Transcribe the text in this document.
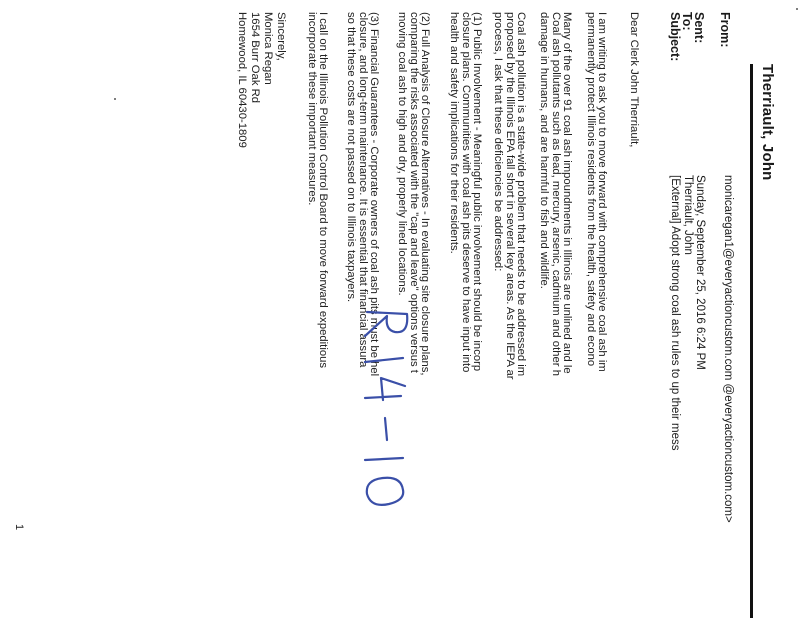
Therriault, John
From:
monicaregan1@everyactioncustom.com @everyactioncustom.com>
Sent:
Sunday, September 25, 2016 6:24 PM
To:
Therriault, John
Subject:
[External] Adopt strong coal ash rules to up their mess
Dear Clerk John Therriault,
I am writing to ask you to move forward with comprehensive coal ash im
permanently protect Illinois residents from the health, safety and econo
Many of the over 91 coal ash impoundments in Illinois are unlined and le
Coal ash pollutants such as lead, mercury, arsenic, cadmium and other h
damage in humans, and are harmful to fish and wildlife.
Coal ash pollution is a state-wide problem that needs to be addressed im
proposed by the Illinois EPA fall short in several key areas. As the IEPA ar
process, I ask that these deficiencies be addressed:
(1) Public Involvement - Meaningful public involvement should be incorp
closure plans. Communities with coal ash pits deserve to have input into
health and safety implications for their residents.
(2) Full Analysis of Closure Alternatives - In evaluating site closure plans,
comparing the risks associated with the "cap and leave" options versus t
moving coal ash to high and dry, properly lined locations.
(3) Financial Guarantees - Corporate owners of coal ash pits must be hel
closure, and long-term maintenance. It is essential that financial assura
so that these costs are not passed on to Illinois taxpayers.
I call on the Illinois Pollution Control Board to move forward expeditious
incorporate these important measures.
Sincerely,
Monica Regan
1654 Burr Oak Rd
Homewood, IL 60430-1809
1
